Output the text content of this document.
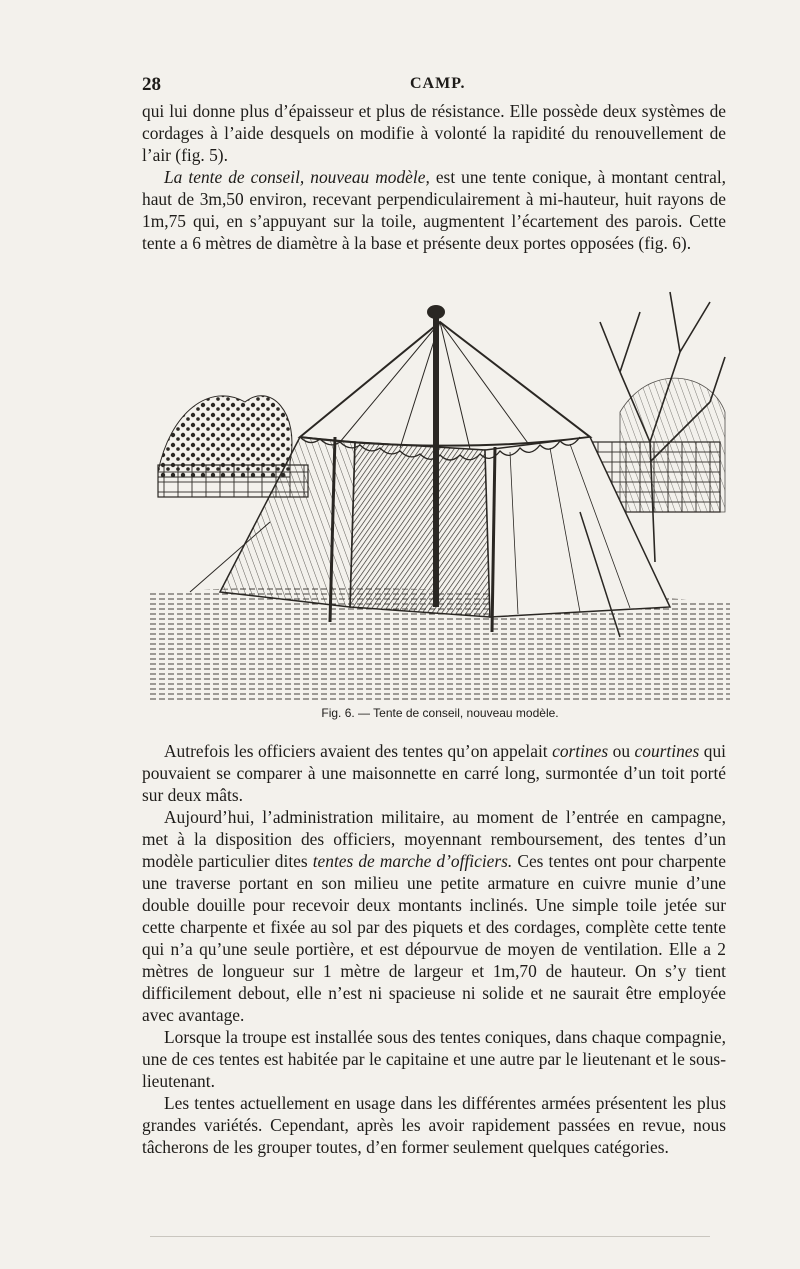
28	CAMP.

qui lui donne plus d’épaisseur et plus de résistance. Elle possède deux systèmes de cordages à l’aide desquels on modifie à volonté la rapidité du renouvellement de l’air (fig. 5).

La tente de conseil, nouveau modèle, est une tente conique, à montant central, haut de 3m,50 environ, recevant perpendiculairement à mi-hauteur, huit rayons de 1m,75 qui, en s’appuyant sur la toile, augmentent l’écartement des parois. Cette tente a 6 mètres de diamètre à la base et présente deux portes opposées (fig. 6).

Fig. 6. — Tente de conseil, nouveau modèle.

Autrefois les officiers avaient des tentes qu’on appelait cortines ou courtines qui pouvaient se comparer à une maisonnette en carré long, surmontée d’un toit porté sur deux mâts.

Aujourd’hui, l’administration militaire, au moment de l’entrée en campagne, met à la disposition des officiers, moyennant remboursement, des tentes d’un modèle particulier dites tentes de marche d’officiers. Ces tentes ont pour charpente une traverse portant en son milieu une petite armature en cuivre munie d’une double douille pour recevoir deux montants inclinés. Une simple toile jetée sur cette charpente et fixée au sol par des piquets et des cordages, complète cette tente qui n’a qu’une seule portière, et est dépourvue de moyen de ventilation. Elle a 2 mètres de longueur sur 1 mètre de largeur et 1m,70 de hauteur. On s’y tient difficilement debout, elle n’est ni spacieuse ni solide et ne saurait être employée avec avantage.

Lorsque la troupe est installée sous des tentes coniques, dans chaque compagnie, une de ces tentes est habitée par le capitaine et une autre par le lieutenant et le sous-lieutenant.

Les tentes actuellement en usage dans les différentes armées présentent les plus grandes variétés. Cependant, après les avoir rapidement passées en revue, nous tâcherons de les grouper toutes, d’en former seulement quelques catégories.
